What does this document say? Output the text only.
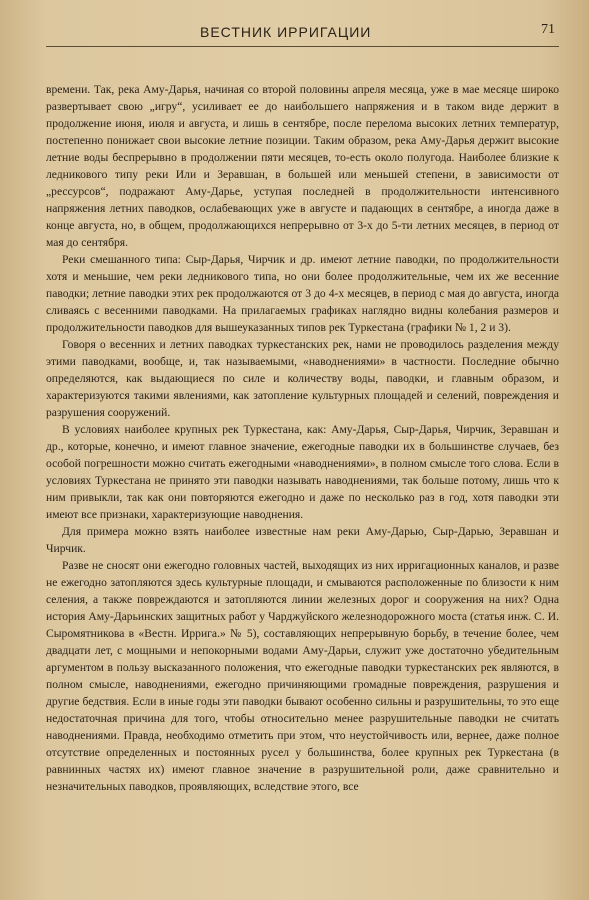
ВЕСТНИК ИРРИГАЦИИ	71

времени. Так, река Аму-Дарья, начиная со второй половины апреля месяца, уже в мае месяце широко развертывает свою „игру“, усиливает ее до наибольшего напряжения и в таком виде держит в продолжение июня, июля и августа, и лишь в сентябре, после перелома высоких летних температур, постепенно понижает свои высокие летние позиции. Таким образом, река Аму-Дарья держит высокие летние воды беспрерывно в продолжении пяти месяцев, то-есть около полугода. Наиболее близкие к ледникового типу реки Или и Зеравшан, в большей или меньшей степени, в зависимости от „рессурсов“, подражают Аму-Дарье, уступая последней в продолжительности интенсивного напряжения летних паводков, ослабевающих уже в августе и падающих в сентябре, а иногда даже в конце августа, но, в общем, продолжающихся непрерывно от 3-х до 5-ти летних месяцев, в период от мая до сентября.

Реки смешанного типа: Сыр-Дарья, Чирчик и др. имеют летние паводки, по продолжительности хотя и меньшие, чем реки ледникового типа, но они более продолжительные, чем их же весенние паводки; летние паводки этих рек продолжаются от 3 до 4-х месяцев, в период с мая до августа, иногда сливаясь с весенними паводками. На прилагаемых графиках наглядно видны колебания размеров и продолжительности паводков для вышеуказанных типов рек Туркестана (графики № 1, 2 и 3).

Говоря о весенних и летних паводках туркестанских рек, нами не проводилось разделения между этими паводками, вообще, и, так называемыми, «наводнениями» в частности. Последние обычно определяются, как выдающиеся по силе и количеству воды, паводки, и главным образом, и характеризуются такими явлениями, как затопление культурных площадей и селений, повреждения и разрушения сооружений.

В условиях наиболее крупных рек Туркестана, как: Аму-Дарья, Сыр-Дарья, Чирчик, Зеравшан и др., которые, конечно, и имеют главное значение, ежегодные паводки их в большинстве случаев, без особой погрешности можно считать ежегодными «наводнениями», в полном смысле того слова. Если в условиях Туркестана не принято эти паводки называть наводнениями, так больше потому, лишь что к ним привыкли, так как они повторяются ежегодно и даже по несколько раз в год, хотя паводки эти имеют все признаки, характеризующие наводнения.

Для примера можно взять наиболее известные нам реки Аму-Дарью, Сыр-Дарью, Зеравшан и Чирчик.

Разве не сносят они ежегодно головных частей, выходящих из них ирригационных каналов, и разве не ежегодно затопляются здесь культурные площади, и смываются расположенные по близости к ним селения, а также повреждаются и затопляются линии железных дорог и сооружения на них? Одна история Аму-Дарьинских защитных работ у Чарджуйского железнодорожного моста (статья инж. С. И. Сыромятникова в «Вестн. Иррига.» № 5), составляющих непрерывную борьбу, в течение более, чем двадцати лет, с мощными и непокорными водами Аму-Дарьи, служит уже достаточно убедительным аргументом в пользу высказанного положения, что ежегодные паводки туркестанских рек являются, в полном смысле, наводнениями, ежегодно причиняющими громадные повреждения, разрушения и другие бедствия. Если в иные годы эти паводки бывают особенно сильны и разрушительны, то это еще недостаточная причина для того, чтобы относительно менее разрушительные паводки не считать наводнениями. Правда, необходимо отметить при этом, что неустойчивость или, вернее, даже полное отсутствие определенных и постоянных русел у большинства, более крупных рек Туркестана (в равнинных частях их) имеют главное значение в разрушительной роли, даже сравнительно и незначительных паводков, проявляющих, вследствие этого, все
